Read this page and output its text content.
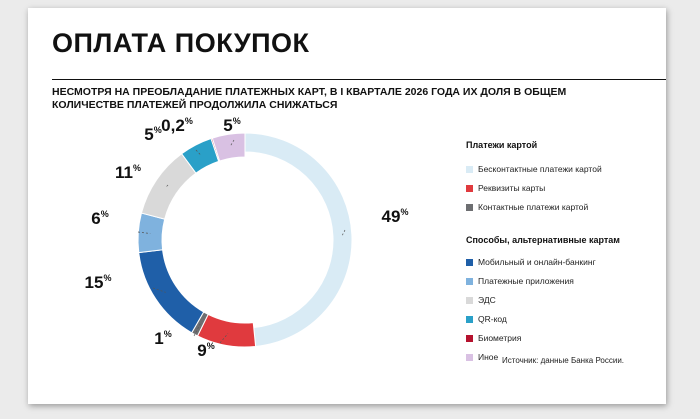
ОПЛАТА ПОКУПОК
НЕСМОТРЯ НА ПРЕОБЛАДАНИЕ ПЛАТЕЖНЫХ КАРТ, В I КВАРТАЛЕ 2026 ГОДА ИХ ДОЛЯ В ОБЩЕМ
КОЛИЧЕСТВЕ ПЛАТЕЖЕЙ ПРОДОЛЖИЛА СНИЖАТЬСЯ
49%
9%
1%
15%
6%
11%
5% 0,2% 5%
Платежи картой
Бесконтактные платежи картой
Реквизиты карты
Контактные платежи картой
Способы, альтернативные картам
Мобильный и онлайн-банкинг
Платежные приложения
ЭДС
QR-код
Биометрия
Иное Источник: данные Банка России.
